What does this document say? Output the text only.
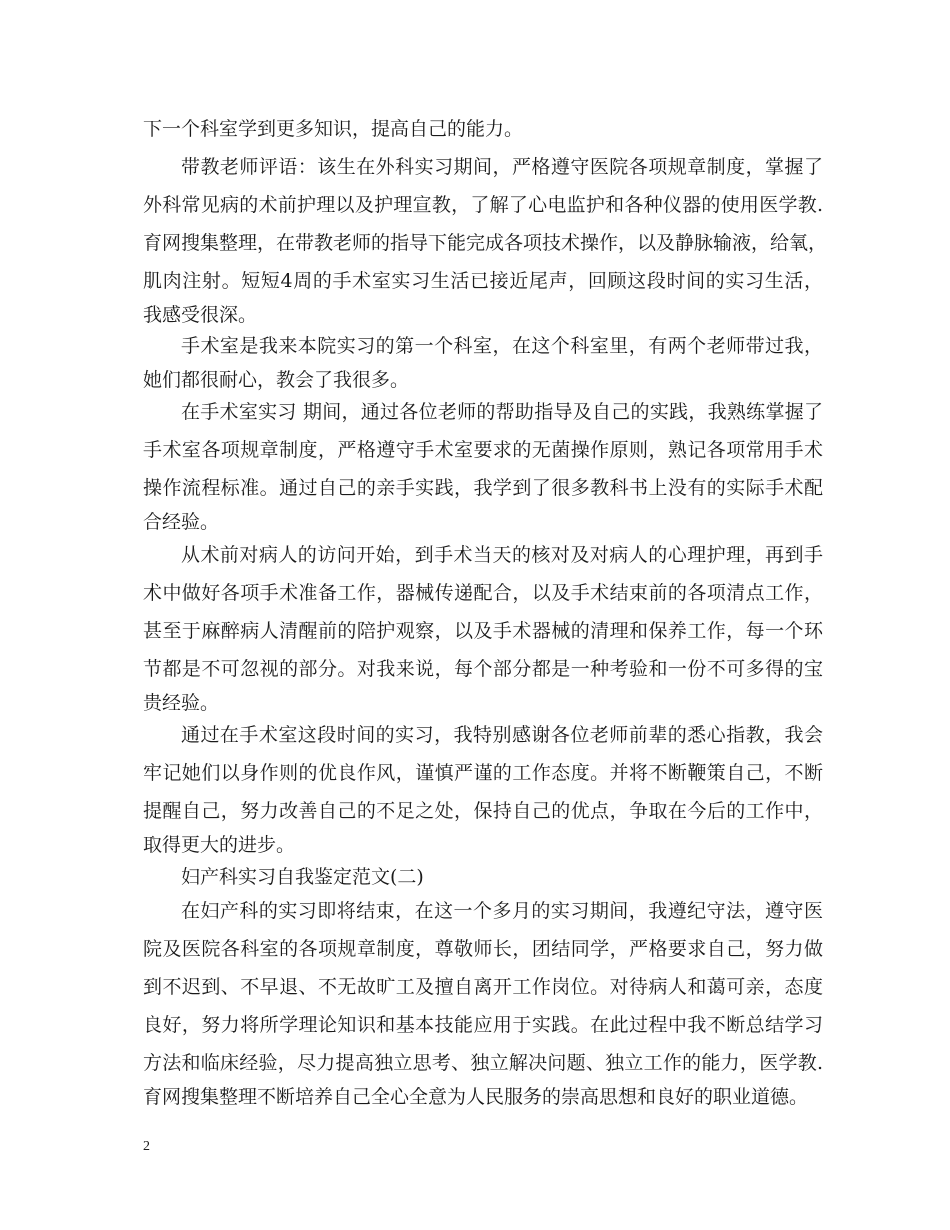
下一个科室学到更多知识，提高自己的能力。
带教老师评语：该生在外科实习期间，严格遵守医院各项规章制度，掌握了
外科常见病的术前护理以及护理宣教，了解了心电监护和各种仪器的使用医学教.
育网搜集整理，在带教老师的指导下能完成各项技术操作，以及静脉输液，给氧，
肌肉注射。短短4周的手术室实习生活已接近尾声，回顾这段时间的实习生活，
我感受很深。
手术室是我来本院实习的第一个科室，在这个科室里，有两个老师带过我，
她们都很耐心，教会了我很多。
在手术室实习 期间，通过各位老师的帮助指导及自己的实践，我熟练掌握了
手术室各项规章制度，严格遵守手术室要求的无菌操作原则，熟记各项常用手术
操作流程标准。通过自己的亲手实践，我学到了很多教科书上没有的实际手术配
合经验。
从术前对病人的访问开始，到手术当天的核对及对病人的心理护理，再到手
术中做好各项手术准备工作，器械传递配合，以及手术结束前的各项清点工作，
甚至于麻醉病人清醒前的陪护观察，以及手术器械的清理和保养工作，每一个环
节都是不可忽视的部分。对我来说，每个部分都是一种考验和一份不可多得的宝
贵经验。
通过在手术室这段时间的实习，我特别感谢各位老师前辈的悉心指教，我会
牢记她们以身作则的优良作风，谨慎严谨的工作态度。并将不断鞭策自己，不断
提醒自己，努力改善自己的不足之处，保持自己的优点，争取在今后的工作中，
取得更大的进步。
妇产科实习自我鉴定范文(二)
在妇产科的实习即将结束，在这一个多月的实习期间，我遵纪守法，遵守医
院及医院各科室的各项规章制度，尊敬师长，团结同学，严格要求自己，努力做
到不迟到、不早退、不无故旷工及擅自离开工作岗位。对待病人和蔼可亲，态度
良好，努力将所学理论知识和基本技能应用于实践。在此过程中我不断总结学习
方法和临床经验，尽力提高独立思考、独立解决问题、独立工作的能力，医学教.
育网搜集整理不断培养自己全心全意为人民服务的崇高思想和良好的职业道德。
2
